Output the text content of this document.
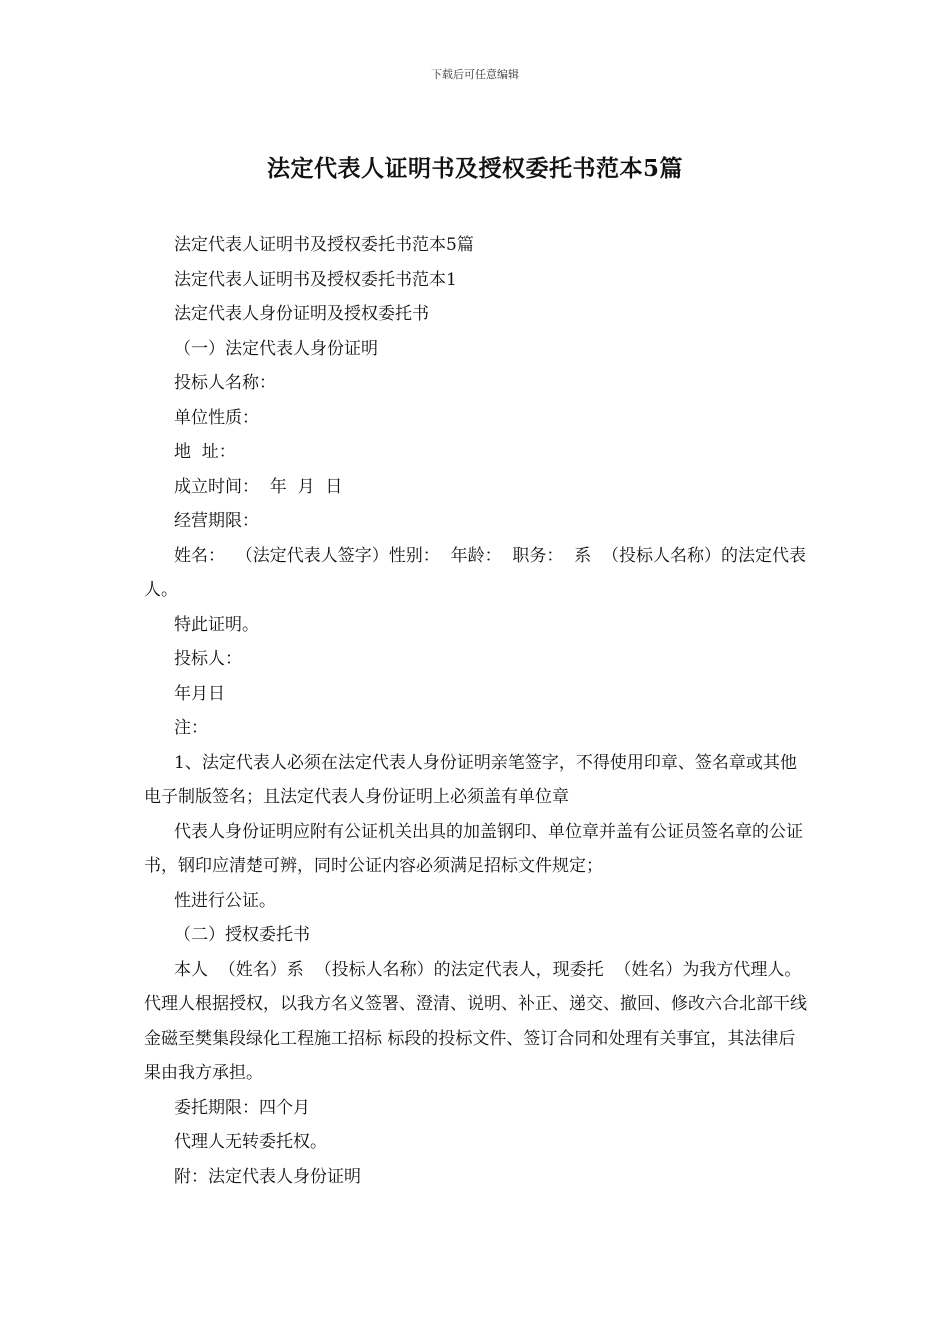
下载后可任意编辑
法定代表人证明书及授权委托书范本5篇

法定代表人证明书及授权委托书范本5篇

法定代表人证明书及授权委托书范本1

法定代表人身份证明及授权委托书

（一）法定代表人身份证明

投标人名称：

单位性质：

地  址：

成立时间：  年  月  日

经营期限：

姓名：  （法定代表人签字）性别：  年龄：  职务：  系  （投标人名称）的法定代表人。

特此证明。

投标人：

年月日

注：

1、法定代表人必须在法定代表人身份证明亲笔签字，不得使用印章、签名章或其他电子制版签名；且法定代表人身份证明上必须盖有单位章

代表人身份证明应附有公证机关出具的加盖钢印、单位章并盖有公证员签名章的公证书，钢印应清楚可辨，同时公证内容必须满足招标文件规定；

性进行公证。

（二）授权委托书

本人  （姓名）系  （投标人名称）的法定代表人，现委托  （姓名）为我方代理人。代理人根据授权，以我方名义签署、澄清、说明、补正、递交、撤回、修改六合北部干线金磁至樊集段绿化工程施工招标 标段的投标文件、签订合同和处理有关事宜，其法律后果由我方承担。

委托期限：四个月

代理人无转委托权。

附：法定代表人身份证明
